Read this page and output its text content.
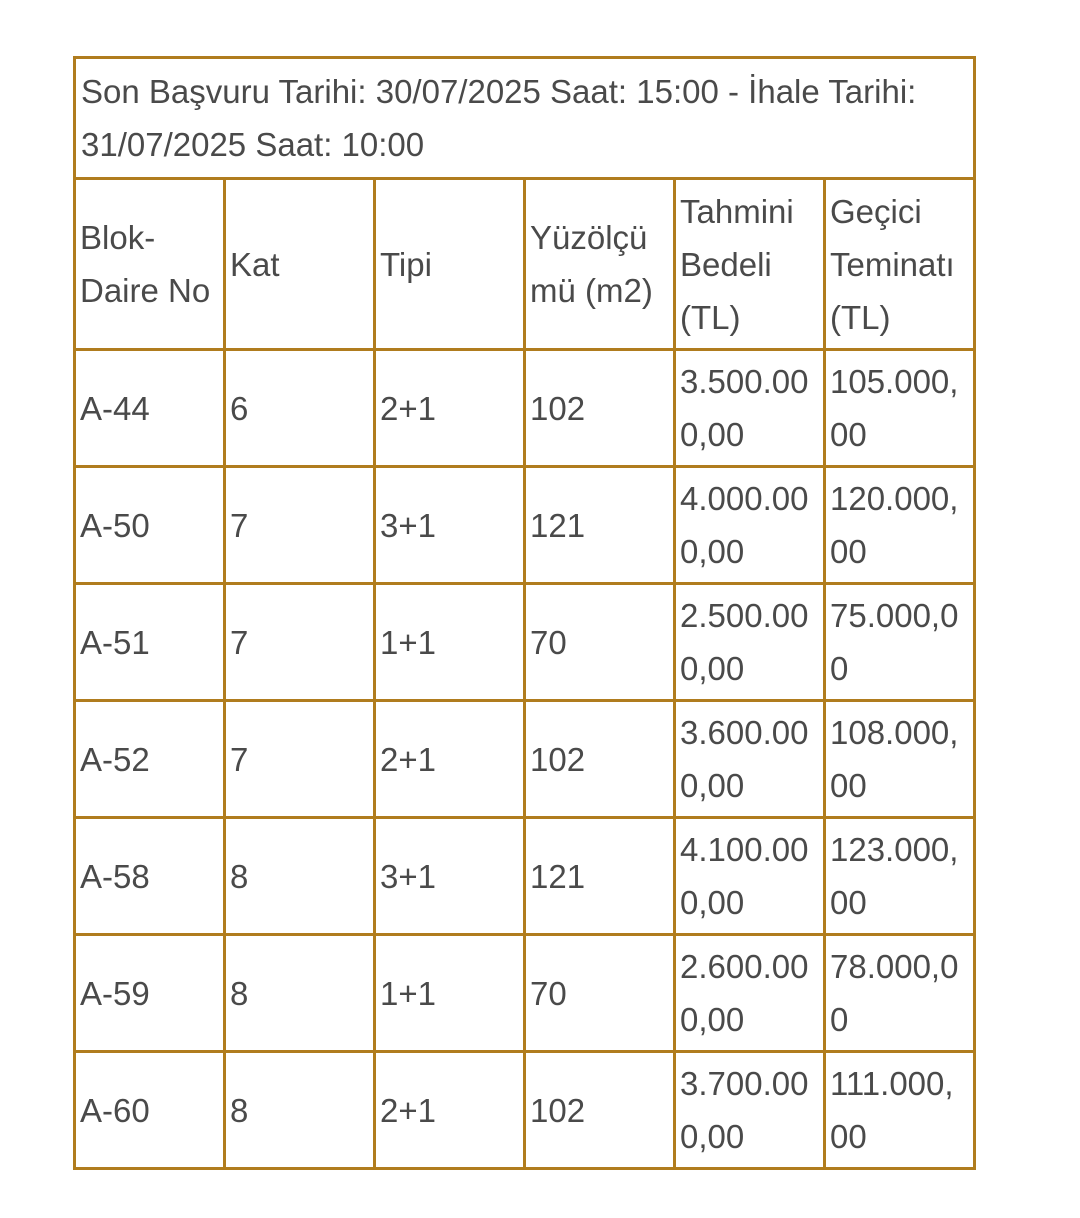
Son Başvuru Tarihi: 30/07/2025 Saat: 15:00 - İhale Tarihi: 31/07/2025 Saat: 10:00					
Blok-Daire No	Kat	Tipi	Yüzölçümü (m2)	Tahmini Bedeli (TL)	Geçici Teminatı (TL)
A-44	6	2+1	102	3.500.000,00	105.000,00
A-50	7	3+1	121	4.000.000,00	120.000,00
A-51	7	1+1	70	2.500.000,00	75.000,00
A-52	7	2+1	102	3.600.000,00	108.000,00
A-58	8	3+1	121	4.100.000,00	123.000,00
A-59	8	1+1	70	2.600.000,00	78.000,00
A-60	8	2+1	102	3.700.000,00	111.000,00
